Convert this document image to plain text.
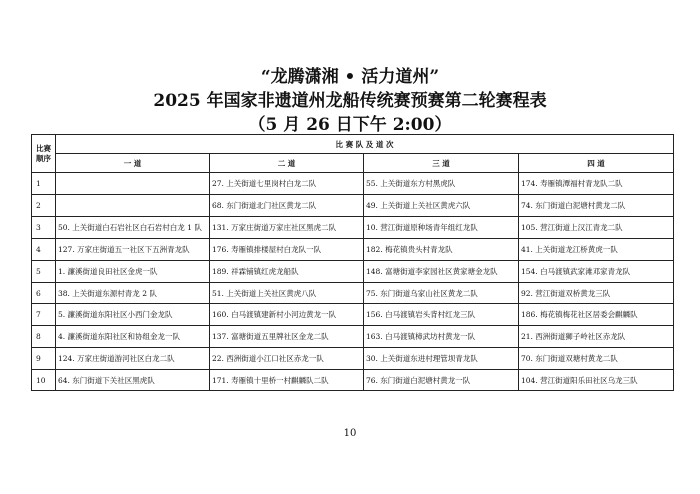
“龙腾潇湘 • 活力道州”
2025 年国家非遗道州龙船传统赛预赛第二轮赛程表
（5 月 26 日下午 2:00）
比赛顺序	比 赛 队 及 道 次			
	一 道	二 道	三 道	四 道
1		27. 上关街道七里岗村白龙二队	55. 上关街道东方村黑虎队	174. 寿雁镇潭福村青龙队二队
2		68. 东门街道北门社区黄龙二队	49. 上关街道上关社区黄虎六队	74. 东门街道白泥塘村黄龙二队
3	50. 上关街道白石岩社区白石岩村白龙 1 队	131. 万家庄街道万家庄社区黑虎二队	10. 营江街道原种场青年组红龙队	105. 营江街道上汉江青龙二队
4	127. 万家庄街道五一社区下五洲青龙队	176. 寿雁镇排楼屋村白龙队一队	182. 梅花镇贵头村青龙队	41. 上关街道龙江桥黄虎一队
5	1. 濂溪街道良田社区金虎一队	189. 祥霖铺镇红虎龙船队	148. 富塘街道李家园社区黄家塘金龙队	154. 白马渡镇武家滩邓家青龙队
6	38. 上关街道东源村青龙 2 队	51. 上关街道上关社区黄虎八队	75. 东门街道乌家山社区黄龙二队	92. 营江街道双桥黄龙三队
7	5. 濂溪街道东阳社区小西门金龙队	160. 白马渡镇建新村小河边黄龙一队	156. 白马渡镇岩头背村红龙三队	186. 梅花镇梅花社区居委会麒麟队
8	4. 濂溪街道东阳社区和协组金龙一队	137. 富塘街道五里牌社区金龙二队	163. 白马渡镇樟武坊村黄龙一队	21. 西洲街道狮子岭社区赤龙队
9	124. 万家庄街道游河社区白龙二队	22. 西洲街道小江口社区赤龙一队	30. 上关街道东进村理管坝青龙队	70. 东门街道双塘村黄龙二队
10	64. 东门街道下关社区黑虎队	171. 寿雁镇十里桥一村麒麟队二队	76. 东门街道白泥塘村黄龙一队	104. 营江街道阳乐田社区乌龙三队
10
